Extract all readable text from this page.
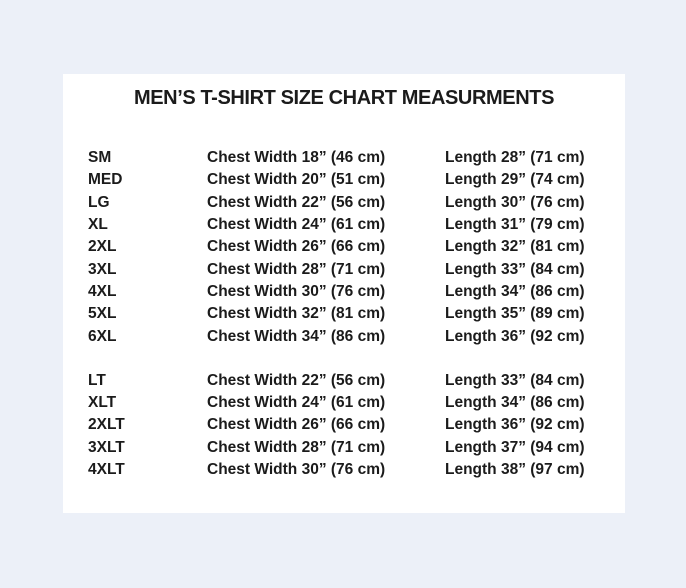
MEN’S T-SHIRT SIZE CHART MEASURMENTS
SM	Chest Width 18” (46 cm)	Length 28” (71 cm)
MED	Chest Width 20” (51 cm)	Length 29” (74 cm)
LG	Chest Width 22” (56 cm)	Length 30” (76 cm)
XL	Chest Width 24” (61 cm)	Length 31” (79 cm)
2XL	Chest Width 26” (66 cm)	Length 32” (81 cm)
3XL	Chest Width 28” (71 cm)	Length 33” (84 cm)
4XL	Chest Width 30” (76 cm)	Length 34” (86 cm)
5XL	Chest Width 32” (81 cm)	Length 35” (89 cm)
6XL	Chest Width 34” (86 cm)	Length 36” (92 cm)
LT	Chest Width 22” (56 cm)	Length 33” (84 cm)
XLT	Chest Width 24” (61 cm)	Length 34” (86 cm)
2XLT	Chest Width 26” (66 cm)	Length 36” (92 cm)
3XLT	Chest Width 28” (71 cm)	Length 37” (94 cm)
4XLT	Chest Width 30” (76 cm)	Length 38” (97 cm)
